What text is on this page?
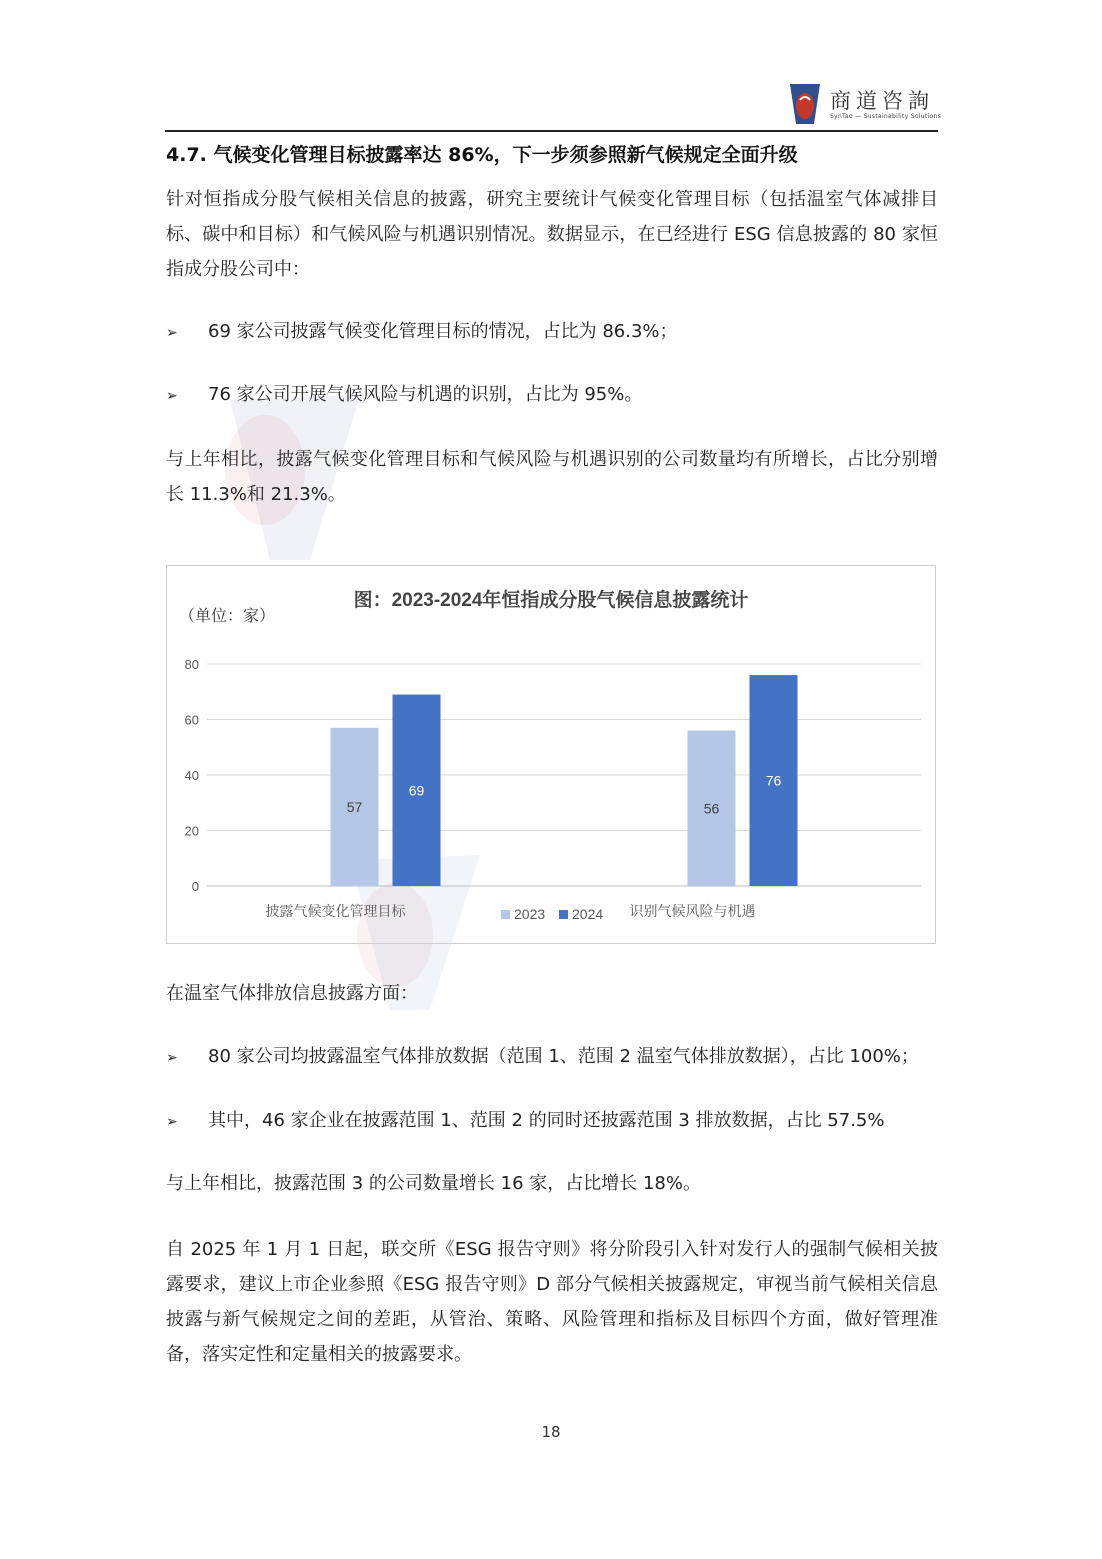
商道咨詢
SynTao — Sustainability Solutions
4.7. 气候变化管理目标披露率达 86%，下一步须参照新气候规定全面升级
针对恒指成分股气候相关信息的披露，研究主要统计气候变化管理目标（包括温室气体减排目标、碳中和目标）和气候风险与机遇识别情况。数据显示，在已经进行 ESG 信息披露的 80 家恒指成分股公司中：
➢ 69 家公司披露气候变化管理目标的情况，占比为 86.3%；
➢ 76 家公司开展气候风险与机遇的识别，占比为 95%。
与上年相比，披露气候变化管理目标和气候风险与机遇识别的公司数量均有所增长，占比分别增长 11.3%和 21.3%。
图：2023-2024年恒指成分股气候信息披露统计
（单位：家）
0
20
40
60
80
57
69
披露气候变化管理目标
56
76
识别气候风险与机遇
2023 2024
在温室气体排放信息披露方面：
➢ 80 家公司均披露温室气体排放数据（范围 1、范围 2 温室气体排放数据），占比 100%；
➢ 其中，46 家企业在披露范围 1、范围 2 的同时还披露范围 3 排放数据，占比 57.5%
与上年相比，披露范围 3 的公司数量增长 16 家，占比增长 18%。
自 2025 年 1 月 1 日起，联交所《ESG 报告守则》将分阶段引入针对发行人的强制气候相关披露要求，建议上市企业参照《ESG 报告守则》D 部分气候相关披露规定，审视当前气候相关信息披露与新气候规定之间的差距，从管治、策略、风险管理和指标及目标四个方面，做好管理准备，落实定性和定量相关的披露要求。
18
